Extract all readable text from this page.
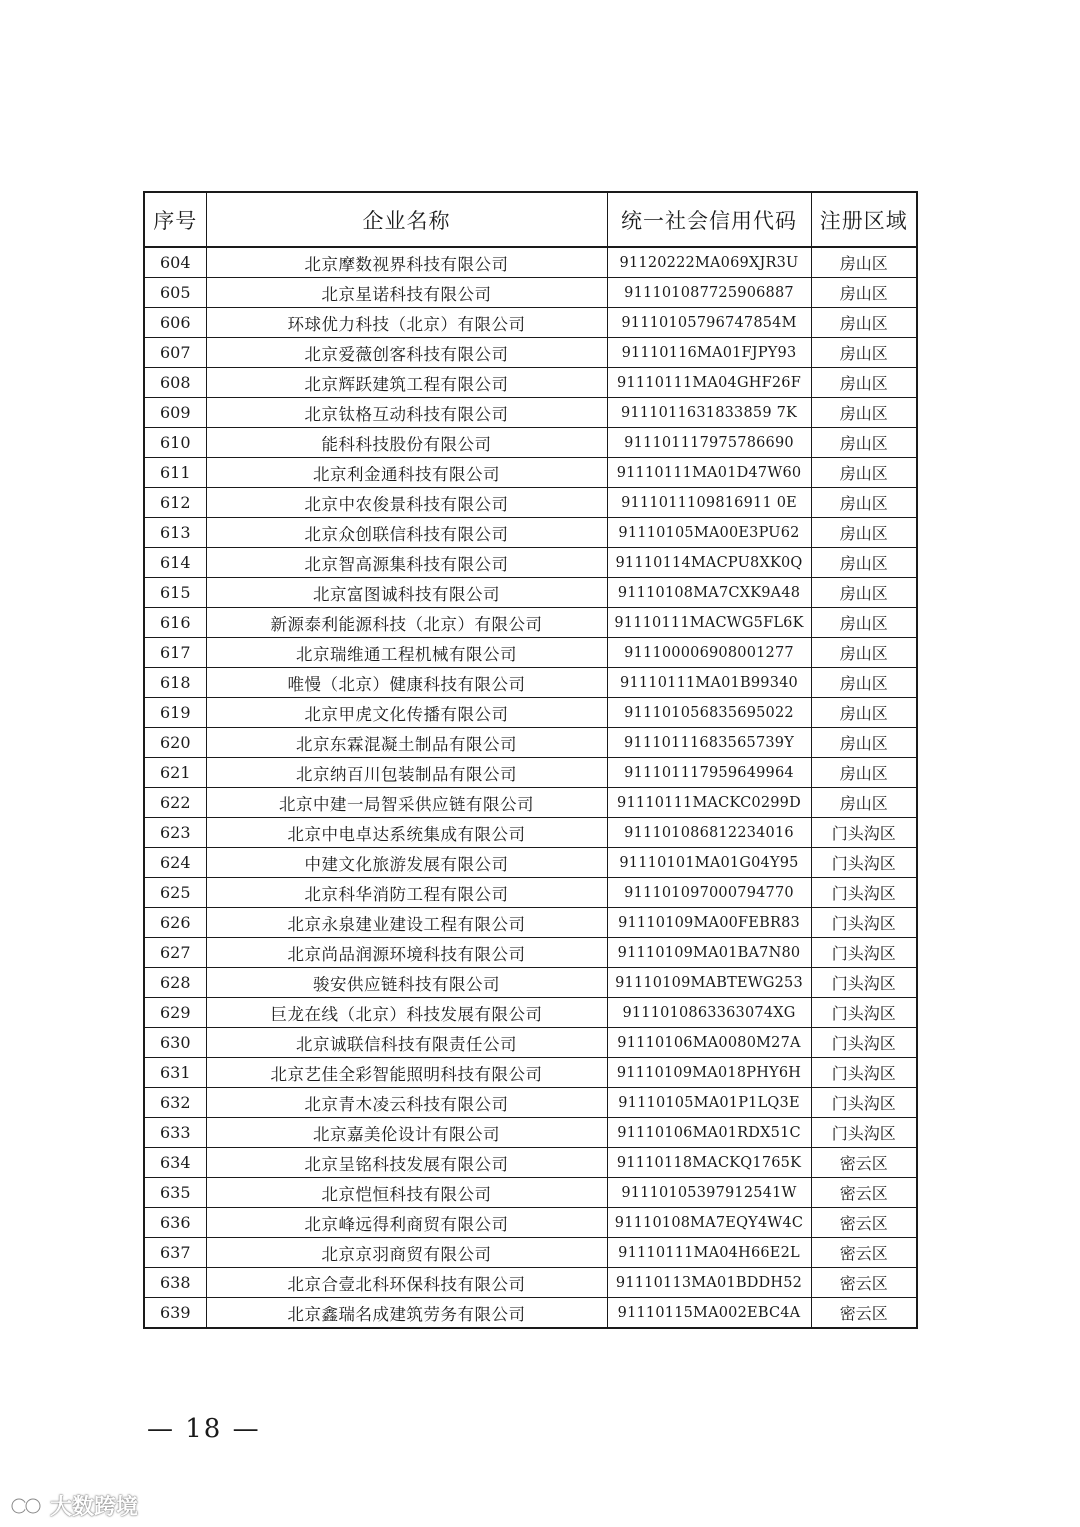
序号	企业名称	统一社会信用代码	注册区域
604	北京摩数视界科技有限公司	91120222MA069XJR3U	房山区
605	北京星诺科技有限公司	911101087725906887	房山区
606	环球优力科技（北京）有限公司	91110105796747854M	房山区
607	北京爱薇创客科技有限公司	91110116MA01FJPY93	房山区
608	北京辉跃建筑工程有限公司	91110111MA04GHF26F	房山区
609	北京钛格互动科技有限公司	9111011631833859 7K	房山区
610	能科科技股份有限公司	911101117975786690	房山区
611	北京利金通科技有限公司	91110111MA01D47W60	房山区
612	北京中农俊景科技有限公司	9111011109816911 0E	房山区
613	北京众创联信科技有限公司	91110105MA00E3PU62	房山区
614	北京智高源集科技有限公司	91110114MACPU8XK0Q	房山区
615	北京富图诚科技有限公司	91110108MA7CXK9A48	房山区
616	新源泰利能源科技（北京）有限公司	91110111MACWG5FL6K	房山区
617	北京瑞维通工程机械有限公司	911100006908001277	房山区
618	唯慢（北京）健康科技有限公司	91110111MA01B99340	房山区
619	北京甲虎文化传播有限公司	911101056835695022	房山区
620	北京东霖混凝土制品有限公司	91110111683565739Y	房山区
621	北京纳百川包装制品有限公司	911101117959649964	房山区
622	北京中建一局智采供应链有限公司	91110111MACKC0299D	房山区
623	北京中电卓达系统集成有限公司	911101086812234016	门头沟区
624	中建文化旅游发展有限公司	91110101MA01G04Y95	门头沟区
625	北京科华消防工程有限公司	911101097000794770	门头沟区
626	北京永泉建业建设工程有限公司	91110109MA00FEBR83	门头沟区
627	北京尚品润源环境科技有限公司	91110109MA01BA7N80	门头沟区
628	骏安供应链科技有限公司	91110109MABTEWG253	门头沟区
629	巨龙在线（北京）科技发展有限公司	9111010863363074XG	门头沟区
630	北京诚联信科技有限责任公司	91110106MA0080M27A	门头沟区
631	北京艺佳全彩智能照明科技有限公司	91110109MA018PHY6H	门头沟区
632	北京青木凌云科技有限公司	91110105MA01P1LQ3E	门头沟区
633	北京嘉美伦设计有限公司	91110106MA01RDX51C	门头沟区
634	北京呈铭科技发展有限公司	91110118MACKQ1765K	密云区
635	北京恺恒科技有限公司	91110105397912541W	密云区
636	北京峰远得利商贸有限公司	91110108MA7EQY4W4C	密云区
637	北京京羽商贸有限公司	91110111MA04H66E2L	密云区
638	北京合壹北科环保科技有限公司	91110113MA01BDDH52	密云区
639	北京鑫瑞名成建筑劳务有限公司	91110115MA002EBC4A	密云区
— 18 —
大数跨境
